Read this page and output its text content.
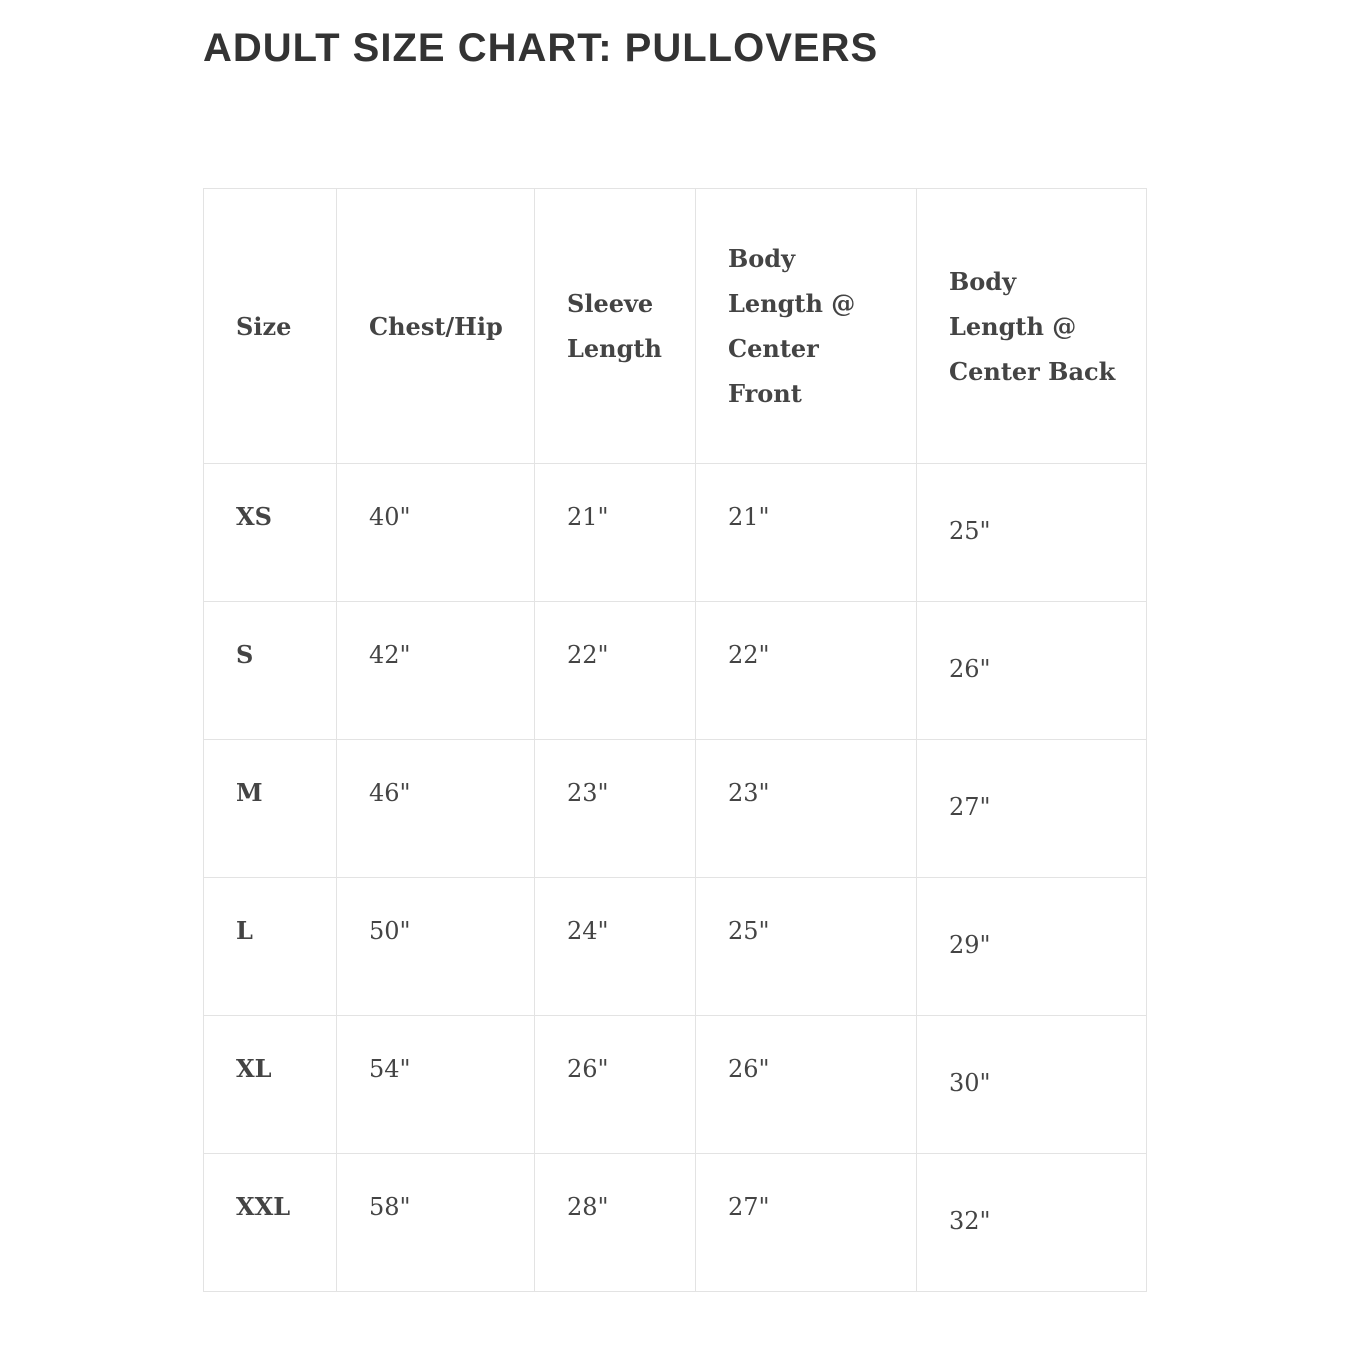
ADULT SIZE CHART: PULLOVERS
Size	Chest/Hip	Sleeve Length	Body Length @ Center Front	Body Length @ Center Back
XS	40"	21"	21"	25"
S	42"	22"	22"	26"
M	46"	23"	23"	27"
L	50"	24"	25"	29"
XL	54"	26"	26"	30"
XXL	58"	28"	27"	32"
